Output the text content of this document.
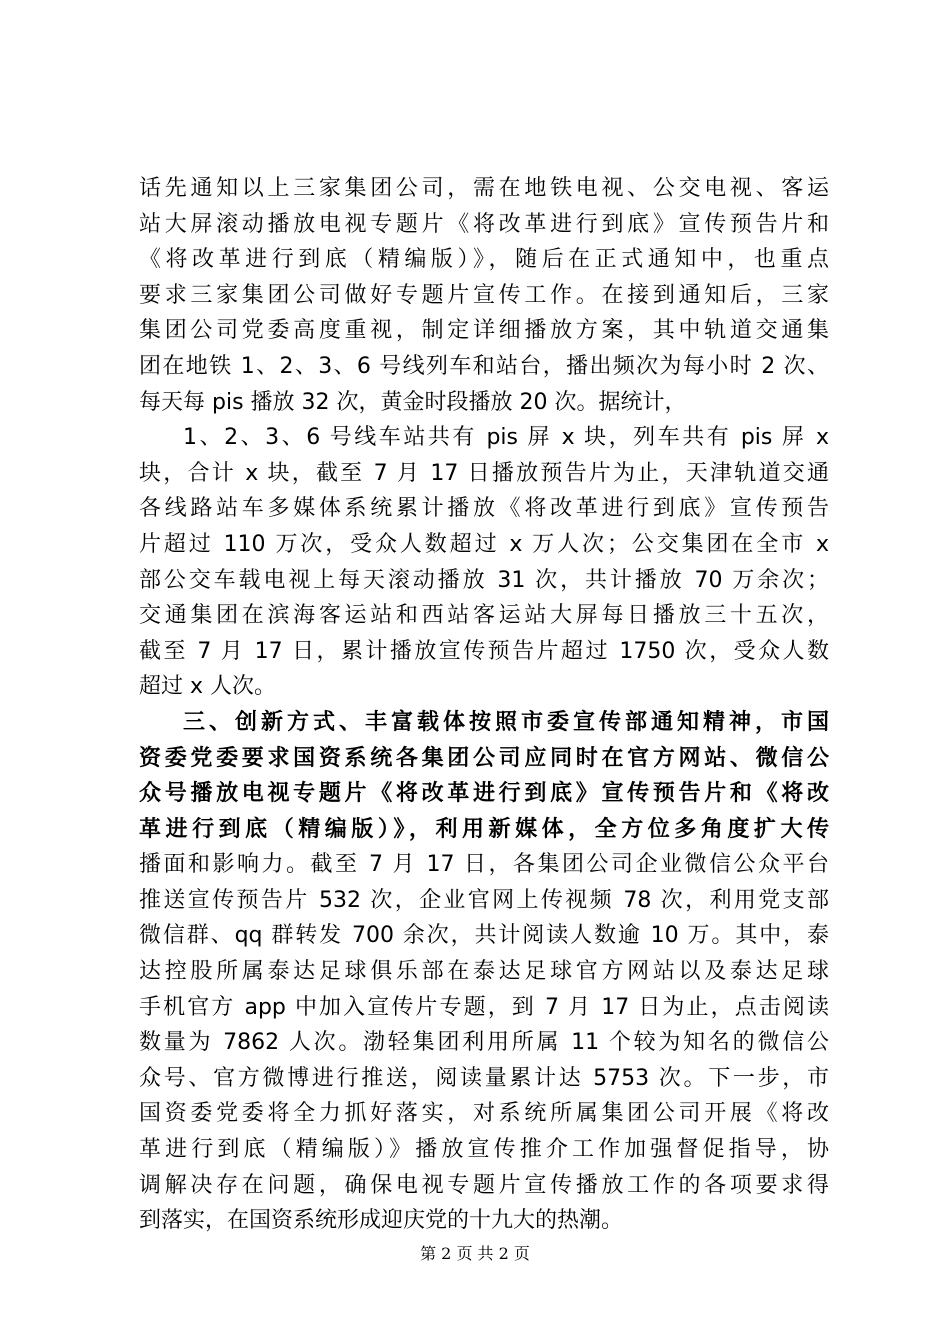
话先通知以上三家集团公司，需在地铁电视、公交电视、客运
站大屏滚动播放电视专题片《将改革进行到底》宣传预告片和
《将改革进行到底（精编版）》，随后在正式通知中，也重点
要求三家集团公司做好专题片宣传工作。在接到通知后，三家
集团公司党委高度重视，制定详细播放方案，其中轨道交通集
团在地铁 1、2、3、6 号线列车和站台，播出频次为每小时 2 次、
每天每 pis 播放 32 次，黄金时段播放 20 次。据统计，
1、2、3、6 号线车站共有 pis 屏 x 块，列车共有 pis 屏 x
块，合计 x 块，截至 7 月 17 日播放预告片为止，天津轨道交通
各线路站车多媒体系统累计播放《将改革进行到底》宣传预告
片超过 110 万次，受众人数超过 x 万人次；公交集团在全市 x
部公交车载电视上每天滚动播放 31 次，共计播放 70 万余次；
交通集团在滨海客运站和西站客运站大屏每日播放三十五次，
截至 7 月 17 日，累计播放宣传预告片超过 1750 次，受众人数
超过 x 人次。
三、创新方式、丰富载体按照市委宣传部通知精神，市国
资委党委要求国资系统各集团公司应同时在官方网站、微信公
众号播放电视专题片《将改革进行到底》宣传预告片和《将改
革进行到底（精编版）》，利用新媒体，全方位多角度扩大传
播面和影响力。截至 7 月 17 日，各集团公司企业微信公众平台
推送宣传预告片 532 次，企业官网上传视频 78 次，利用党支部
微信群、qq 群转发 700 余次，共计阅读人数逾 10 万。其中，泰
达控股所属泰达足球俱乐部在泰达足球官方网站以及泰达足球
手机官方 app 中加入宣传片专题，到 7 月 17 日为止，点击阅读
数量为 7862 人次。渤轻集团利用所属 11 个较为知名的微信公
众号、官方微博进行推送，阅读量累计达 5753 次。下一步，市
国资委党委将全力抓好落实，对系统所属集团公司开展《将改
革进行到底（精编版）》播放宣传推介工作加强督促指导，协
调解决存在问题，确保电视专题片宣传播放工作的各项要求得
到落实，在国资系统形成迎庆党的十九大的热潮。
第 2 页 共 2 页
